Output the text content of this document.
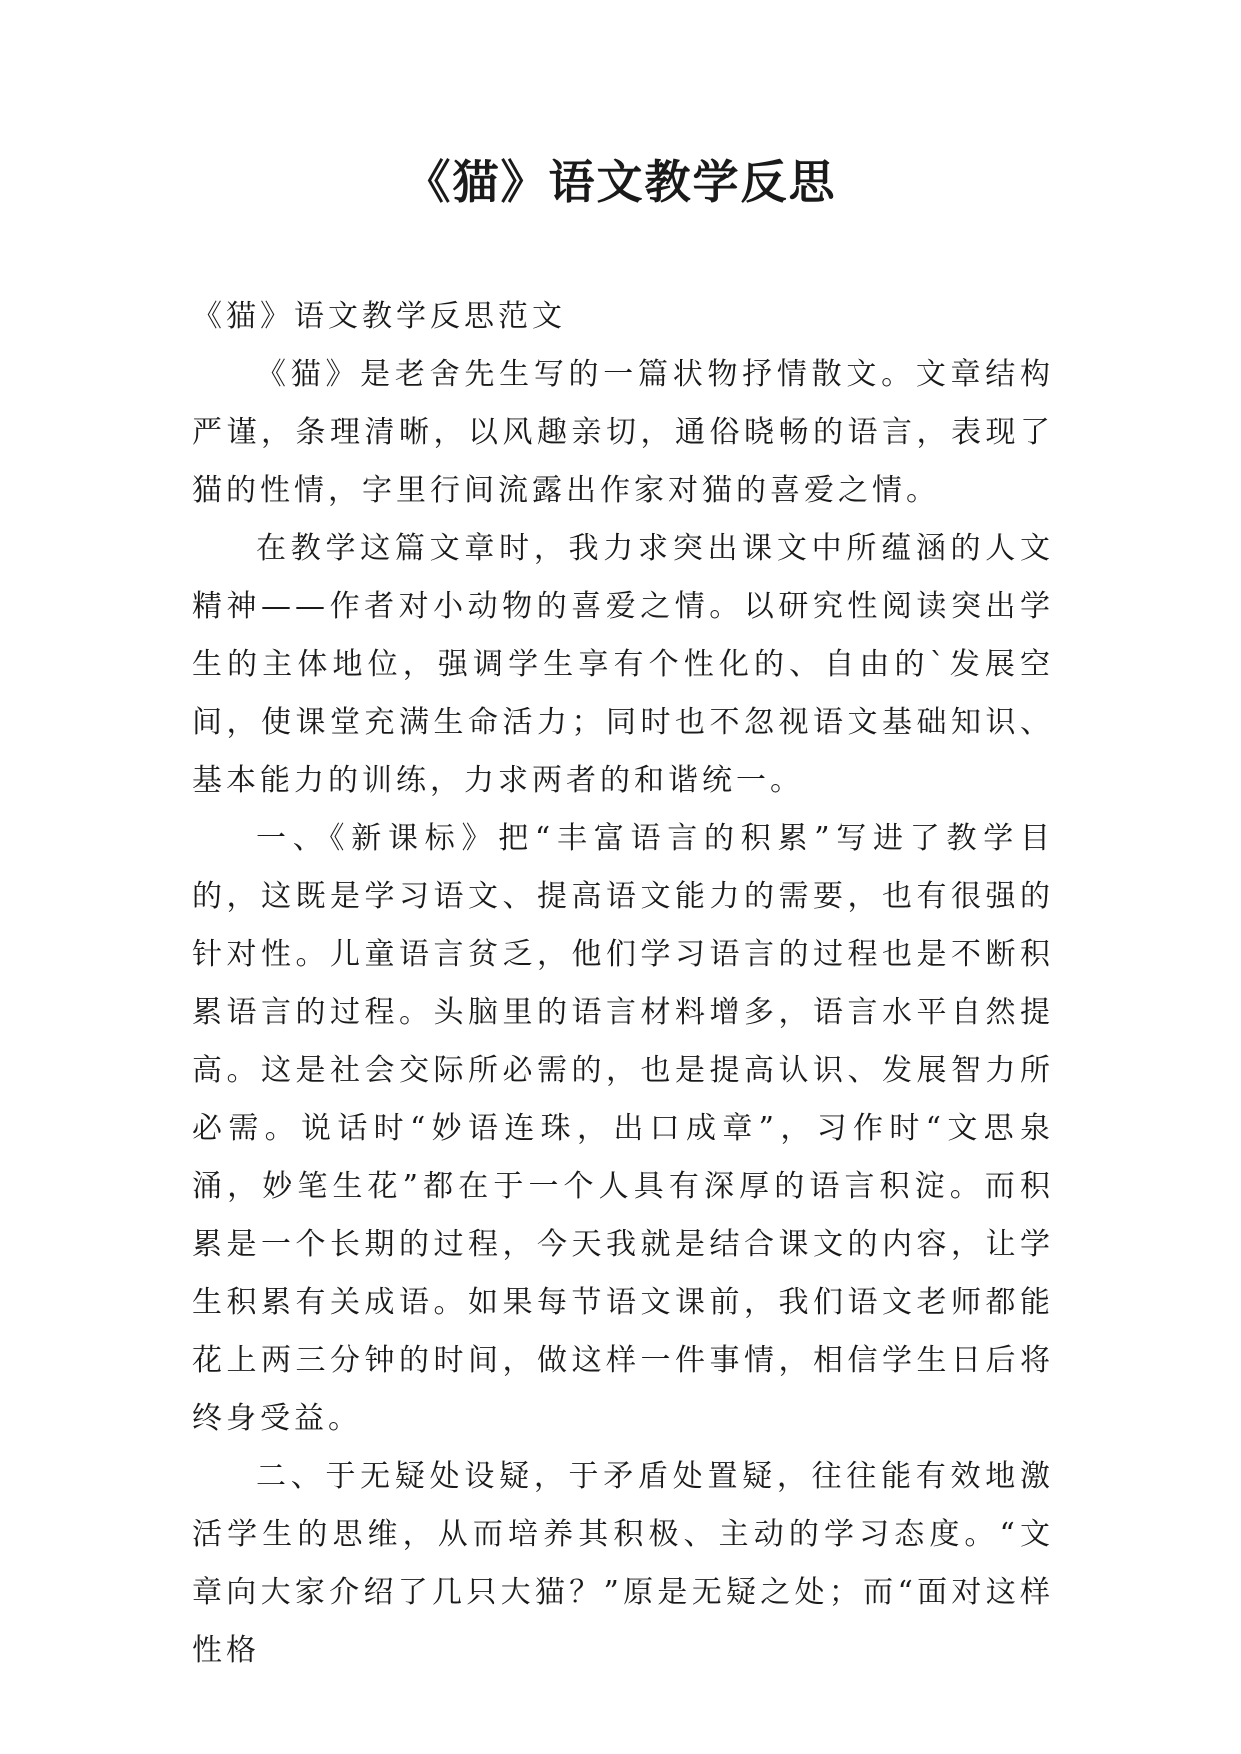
《猫》语文教学反思

《猫》语文教学反思范文

《猫》是老舍先生写的一篇状物抒情散文。文章结构严谨，条理清晰，以风趣亲切，通俗晓畅的语言，表现了猫的性情，字里行间流露出作家对猫的喜爱之情。

在教学这篇文章时，我力求突出课文中所蕴涵的人文精神——作者对小动物的喜爱之情。以研究性阅读突出学生的主体地位，强调学生享有个性化的、自由的`发展空间，使课堂充满生命活力；同时也不忽视语文基础知识、基本能力的训练，力求两者的和谐统一。

一、《新课标》把“丰富语言的积累”写进了教学目的，这既是学习语文、提高语文能力的需要，也有很强的针对性。儿童语言贫乏，他们学习语言的过程也是不断积累语言的过程。头脑里的语言材料增多，语言水平自然提高。这是社会交际所必需的，也是提高认识、发展智力所必需。说话时“妙语连珠，出口成章”，习作时“文思泉涌，妙笔生花”都在于一个人具有深厚的语言积淀。而积累是一个长期的过程，今天我就是结合课文的内容，让学生积累有关成语。如果每节语文课前，我们语文老师都能花上两三分钟的时间，做这样一件事情，相信学生日后将终身受益。

二、于无疑处设疑，于矛盾处置疑，往往能有效地激活学生的思维，从而培养其积极、主动的学习态度。“文章向大家介绍了几只大猫？”原是无疑之处；而“面对这样性格
